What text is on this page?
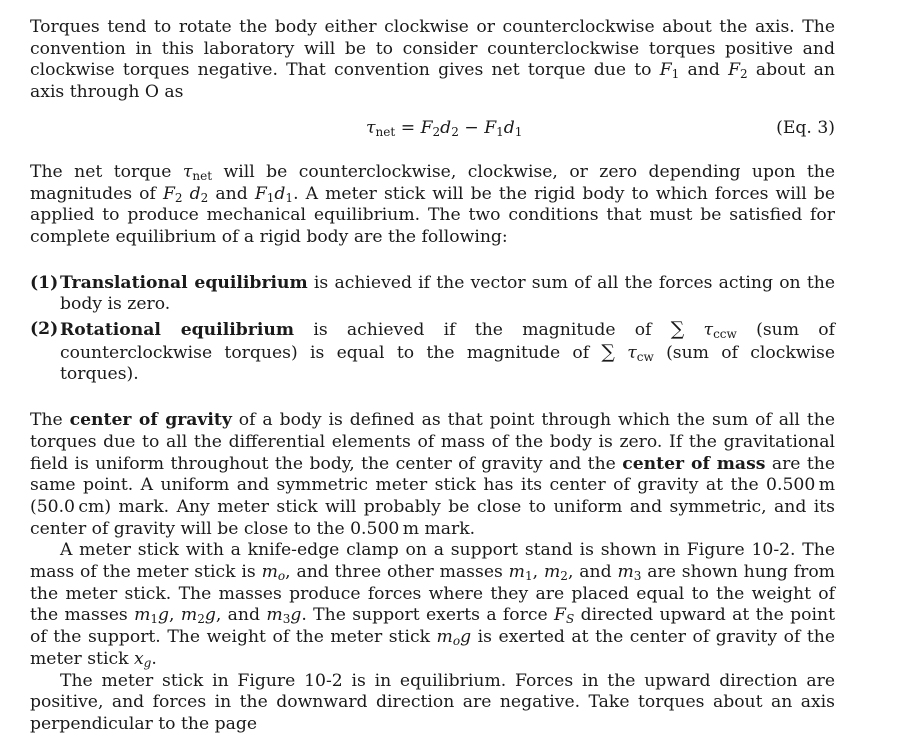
Torques tend to rotate the body either clockwise or counterclockwise about the axis. The convention in this laboratory will be to consider counterclockwise torques positive and clockwise torques negative. That convention gives net torque due to $F_1$ and $F_2$ about an axis through O as

$\tau_{net} = F_2d_2 - F_1d_1$	(Eq. 3)

The net torque $\tau_{net}$ will be counterclockwise, clockwise, or zero depending upon the magnitudes of $F_2$ $d_2$ and $F_1d_1$. A meter stick will be the rigid body to which forces will be applied to produce mechanical equilibrium. The two conditions that must be satisfied for complete equilibrium of a rigid body are the following:

(1) Translational equilibrium is achieved if the vector sum of all the forces acting on the body is zero.
(2) Rotational equilibrium is achieved if the magnitude of ∑ $\tau_{ccw}$ (sum of counterclockwise torques) is equal to the magnitude of ∑ $\tau_{cw}$ (sum of clockwise torques).

The center of gravity of a body is defined as that point through which the sum of all the torques due to all the differential elements of mass of the body is zero. If the gravitational field is uniform throughout the body, the center of gravity and the center of mass are the same point. A uniform and symmetric meter stick has its center of gravity at the 0.500 m (50.0 cm) mark. Any meter stick will probably be close to uniform and symmetric, and its center of gravity will be close to the 0.500 m mark.

A meter stick with a knife-edge clamp on a support stand is shown in Figure 10-2. The mass of the meter stick is $m_o$, and three other masses $m_1$, $m_2$, and $m_3$ are shown hung from the meter stick. The masses produce forces where they are placed equal to the weight of the masses $m_1g$, $m_2g$, and $m_3g$. The support exerts a force $F_S$ directed upward at the point of the support. The weight of the meter stick $m_og$ is exerted at the center of gravity of the meter stick $x_g$.

The meter stick in Figure 10-2 is in equilibrium. Forces in the upward direction are positive, and forces in the downward direction are negative. Take torques about an axis perpendicular to the page
